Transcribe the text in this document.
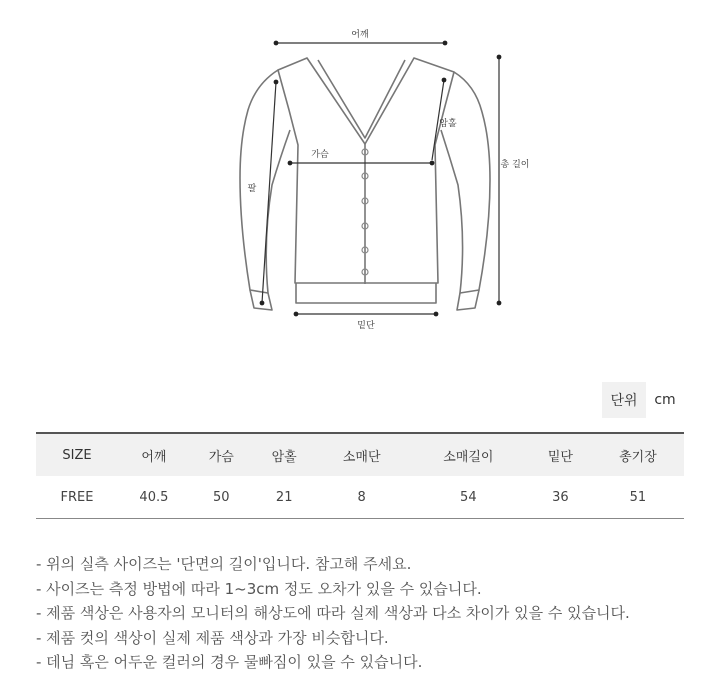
어깨
가슴
암홀
팔
총 길이
밑단
단위	cm
SIZE	어깨	가슴	암홀	소매단	소매길이	밑단	총기장
FREE	40.5	50	21	8	54	36	51
- 위의 실측 사이즈는 '단면의 길이'입니다. 참고해 주세요.
- 사이즈는 측정 방법에 따라 1~3cm 정도 오차가 있을 수 있습니다.
- 제품 색상은 사용자의 모니터의 해상도에 따라 실제 색상과 다소 차이가 있을 수 있습니다.
- 제품 컷의 색상이 실제 제품 색상과 가장 비슷합니다.
- 데님 혹은 어두운 컬러의 경우 물빠짐이 있을 수 있습니다.
